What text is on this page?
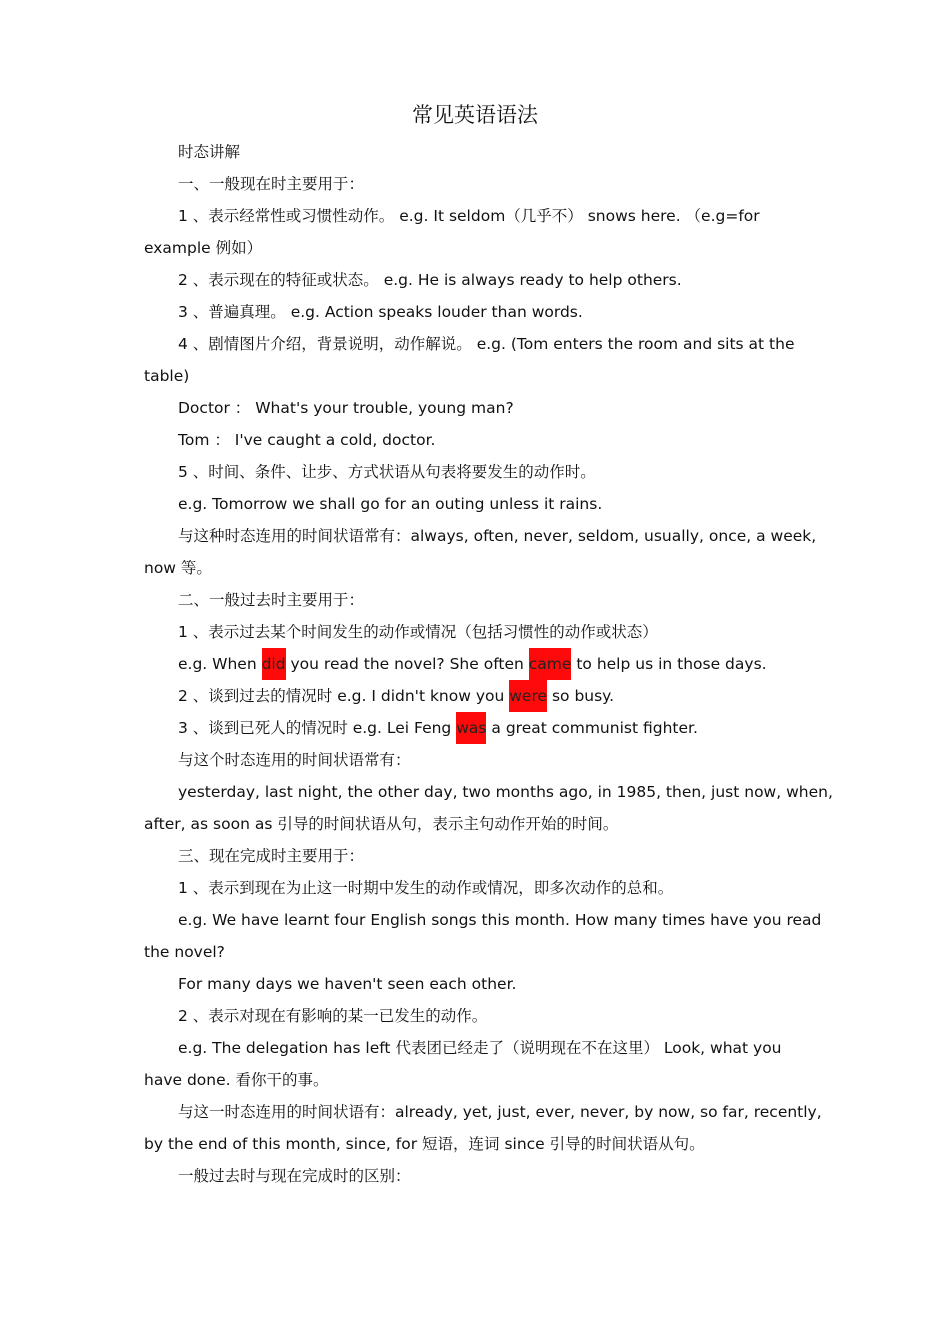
常见英语语法
时态讲解
一、一般现在时主要用于：
1 、表示经常性或习惯性动作。 e.g. It seldom（几乎不） snows here. （e.g=for
example 例如）
2 、表示现在的特征或状态。 e.g. He is always ready to help others.
3 、普遍真理。 e.g. Action speaks louder than words.
4 、剧情图片介绍，背景说明，动作解说。 e.g. (Tom enters the room and sits at the
table)
Doctor ： What's your trouble, young man?
Tom ： I've caught a cold, doctor.
5 、时间、条件、让步、方式状语从句表将要发生的动作时。
e.g. Tomorrow we shall go for an outing unless it rains.
与这种时态连用的时间状语常有：always, often, never, seldom, usually, once, a week,
now 等。
二、一般过去时主要用于：
1 、表示过去某个时间发生的动作或情况（包括习惯性的动作或状态）
e.g. When did you read the novel? She often came to help us in those days.
2 、谈到过去的情况时 e.g. I didn't know you were so busy.
3 、谈到已死人的情况时 e.g. Lei Feng was a great communist fighter.
与这个时态连用的时间状语常有：
yesterday, last night, the other day, two months ago, in 1985, then, just now, when,
after, as soon as 引导的时间状语从句，表示主句动作开始的时间。
三、现在完成时主要用于：
1 、表示到现在为止这一时期中发生的动作或情况，即多次动作的总和。
e.g. We have learnt four English songs this month. How many times have you read
the novel?
For many days we haven't seen each other.
2 、表示对现在有影响的某一已发生的动作。
e.g. The delegation has left 代表团已经走了（说明现在不在这里） Look, what you
have done. 看你干的事。
与这一时态连用的时间状语有：already, yet, just, ever, never, by now, so far, recently,
by the end of this month, since, for 短语，连词 since 引导的时间状语从句。
一般过去时与现在完成时的区别：
